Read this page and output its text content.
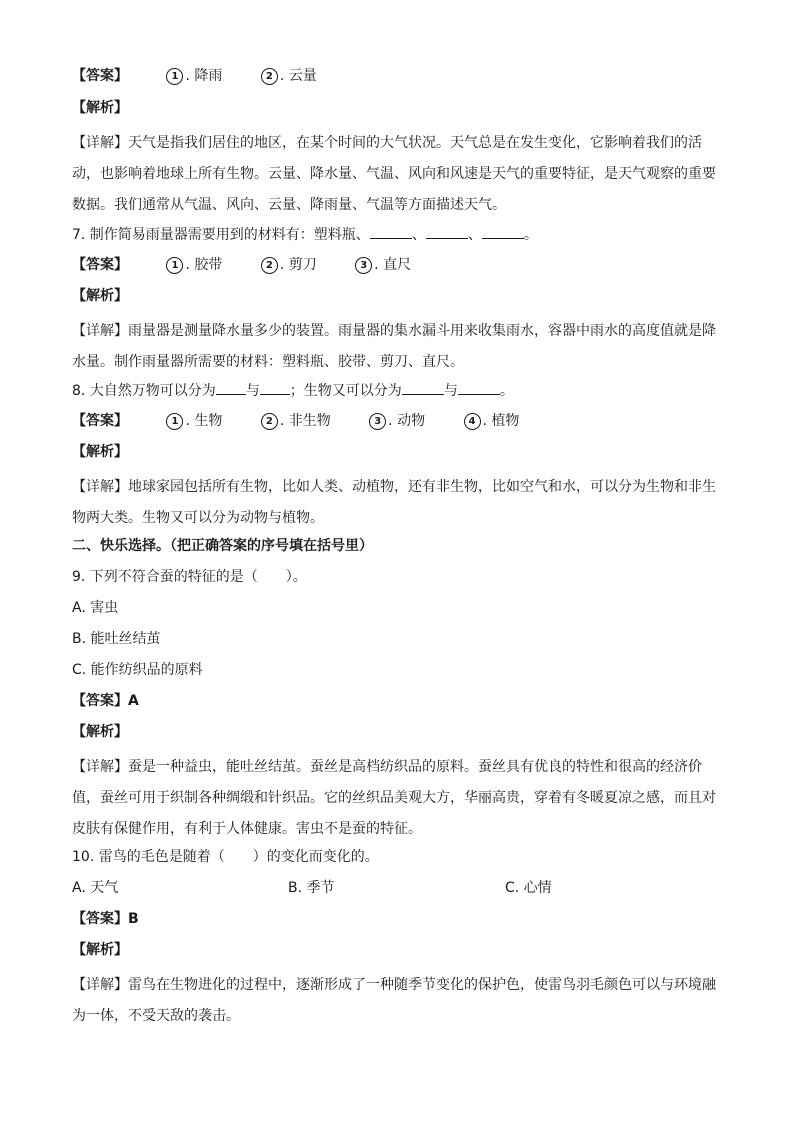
【答案】	1 . 降雨	2 . 云量
【解析】
【详解】天气是指我们居住的地区，在某个时间的大气状况。天气总是在发生变化，它影响着我们的活动，也影响着地球上所有生物。云量、降水量、气温、风向和风速是天气的重要特征，是天气观察的重要数据。我们通常从气温、风向、云量、降雨量、气温等方面描述天气。
7. 制作简易雨量器需要用到的材料有：塑料瓶、	、	、	。
【答案】	1 . 胶带	2 . 剪刀	3 . 直尺
【解析】
【详解】雨量器是测量降水量多少的装置。雨量器的集水漏斗用来收集雨水，容器中雨水的高度值就是降水量。制作雨量器所需要的材料：塑料瓶、胶带、剪刀、直尺。
8. 大自然万物可以分为 与 ；生物又可以分为	与	。
【答案】	1 . 生物	2 . 非生物	3 . 动物	4 . 植物
【解析】
【详解】地球家园包括所有生物，比如人类、动植物，还有非生物，比如空气和水，可以分为生物和非生物两大类。生物又可以分为动物与植物。
二、快乐选择。（把正确答案的序号填在括号里）
9. 下列不符合蚕的特征的是（　　）。
A. 害虫
B. 能吐丝结茧
C. 能作纺织品的原料
【答案】A
【解析】
【详解】蚕是一种益虫，能吐丝结茧。蚕丝是高档纺织品的原料。蚕丝具有优良的特性和很高的经济价值，蚕丝可用于织制各种绸缎和针织品。它的丝织品美观大方，华丽高贵，穿着有冬暖夏凉之感，而且对皮肤有保健作用，有利于人体健康。害虫不是蚕的特征。
10. 雷鸟的毛色是随着（　　）的变化而变化的。
A. 天气	B. 季节	C. 心情
【答案】B
【解析】
【详解】雷鸟在生物进化的过程中，逐渐形成了一种随季节变化的保护色，使雷鸟羽毛颜色可以与环境融为一体，不受天敌的袭击。
